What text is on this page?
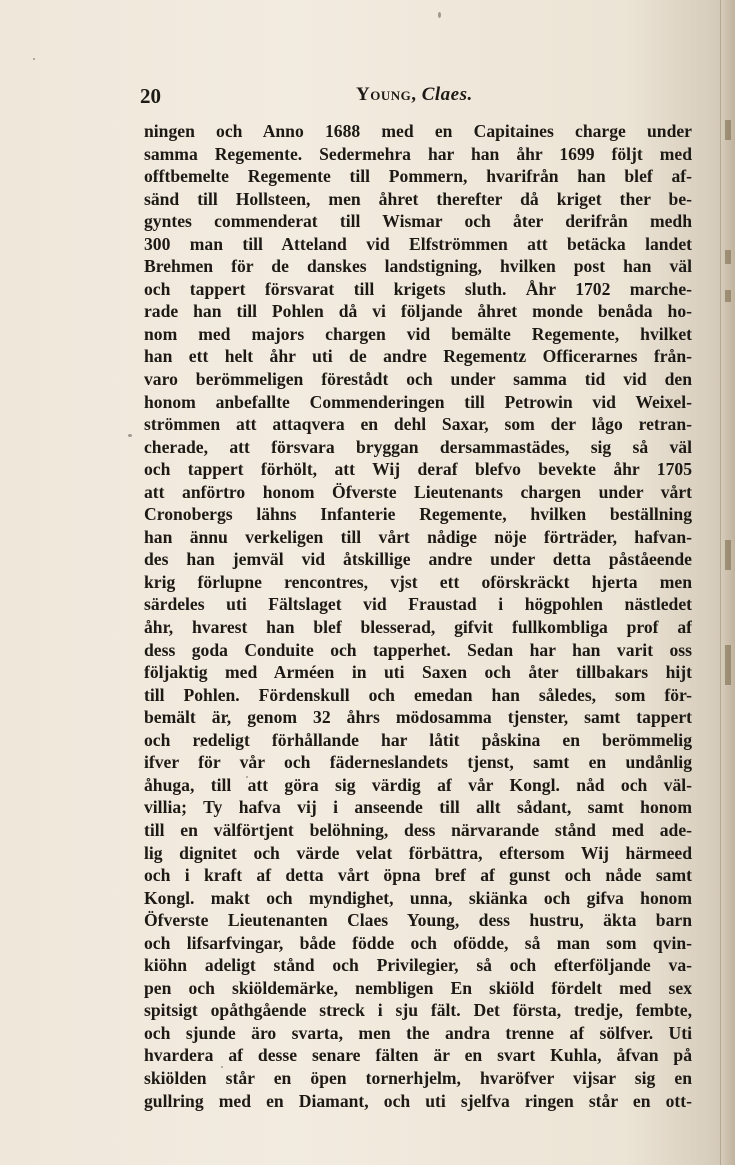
20	Young, Claes.
ningen och Anno 1688 med en Capitaines charge under
samma Regemente. Sedermehra har han åhr 1699 följt med
offtbemelte Regemente till Pommern, hvarifrån han blef af-
sänd till Hollsteen, men åhret therefter då kriget ther be-
gyntes commenderat till Wismar och åter derifrån medh
300 man till Atteland vid Elfströmmen att betäcka landet
Brehmen för de danskes landstigning, hvilken post han väl
och tappert försvarat till krigets sluth. Åhr 1702 marche-
rade han till Pohlen då vi följande åhret monde benåda ho-
nom med majors chargen vid bemälte Regemente, hvilket
han ett helt åhr uti de andre Regementz Officerarnes från-
varo berömmeligen förestådt och under samma tid vid den
honom anbefallte Commenderingen till Petrowin vid Weixel-
strömmen att attaqvera en dehl Saxar, som der lågo retran-
cherade, att försvara bryggan dersammastädes, sig så väl
och tappert förhölt, att Wij deraf blefvo bevekte åhr 1705
att anförtro honom Öfverste Lieutenants chargen under vårt
Cronobergs lähns Infanterie Regemente, hvilken beställning
han ännu verkeligen till vårt nådige nöje förträder, hafvan-
des han jemväl vid åtskillige andre under detta påståeende
krig förlupne rencontres, vjst ett oförskräckt hjerta men
särdeles uti Fältslaget vid Fraustad i högpohlen nästledet
åhr, hvarest han blef blesserad, gifvit fullkombliga prof af
dess goda Conduite och tapperhet. Sedan har han varit oss
följaktig med Arméen in uti Saxen och åter tillbakars hijt
till Pohlen. Fördenskull och emedan han således, som för-
bemält är, genom 32 åhrs mödosamma tjenster, samt tappert
och redeligt förhållande har låtit påskina en berömmelig
ifver för vår och fäderneslandets tjenst, samt en undånlig
åhuga, till att göra sig värdig af vår Kongl. nåd och väl-
villia; Ty hafva vij i anseende till allt sådant, samt honom
till en välförtjent belöhning, dess närvarande stånd med ade-
lig dignitet och värde velat förbättra, eftersom Wij härmeed
och i kraft af detta vårt öpna bref af gunst och nåde samt
Kongl. makt och myndighet, unna, skiänka och gifva honom
Öfverste Lieutenanten Claes Young, dess hustru, äkta barn
och lifsarfvingar, både födde och ofödde, så man som qvin-
kiöhn adeligt stånd och Privilegier, så och efterföljande va-
pen och skiöldemärke, nembligen En skiöld fördelt med sex
spitsigt opåthgående streck i sju fält. Det första, tredje, fembte,
och sjunde äro svarta, men the andra trenne af sölfver. Uti
hvardera af desse senare fälten är en svart Kuhla, åfvan på
skiölden står en öpen tornerhjelm, hvaröfver vijsar sig en
gullring med en Diamant, och uti sjelfva ringen står en ott-
